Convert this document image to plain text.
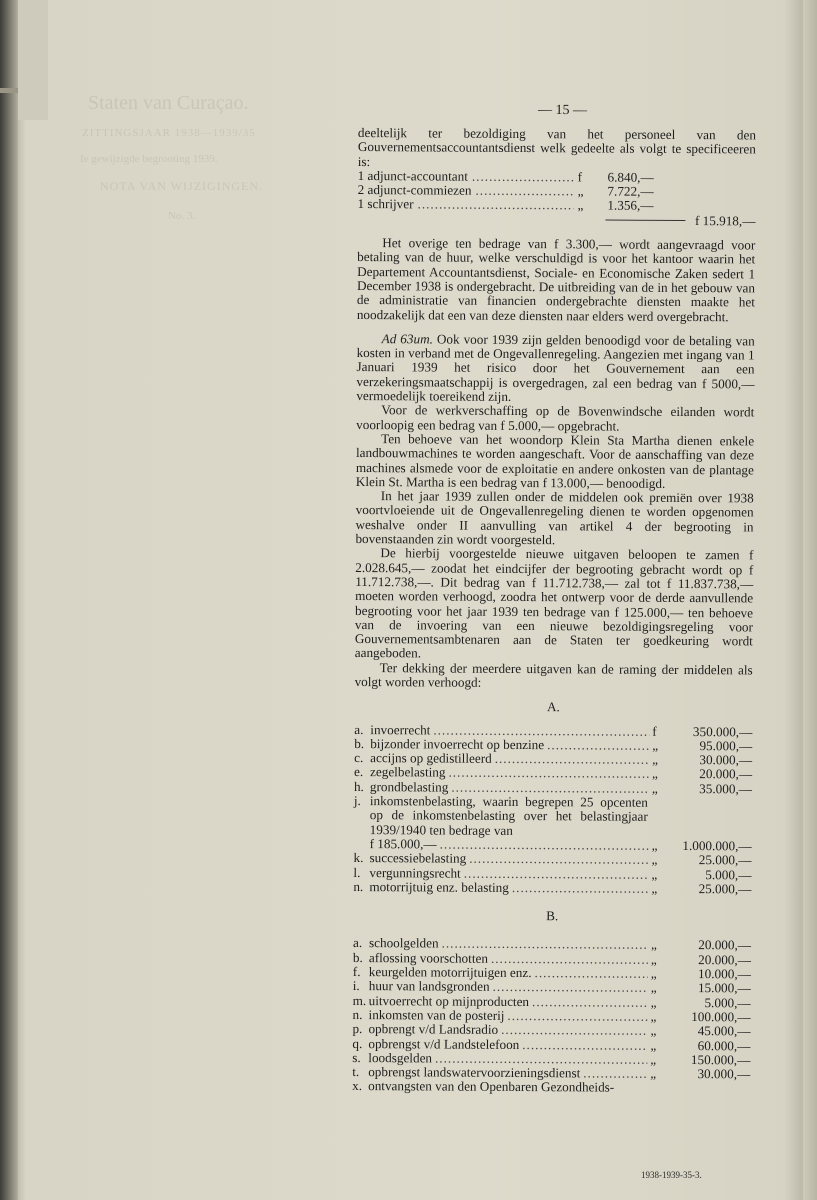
Staten van Curaçao.
ZITTINGSJAAR 1938—1939/35
Ie gewijzigde begrooting 1939.
NOTA VAN WIJZIGINGEN.
No. 3.
— 15 —

deeltelijk ter bezoldiging van het personeel van den Gouvernementsaccountantsdienst welk gedeelte als volgt te specificeeren is:

1 adjunct-accountant .....	f	6.840,—
2 adjunct-commiezen .....	„	7.722,—
1 schrijver .....	„	1.356,—
f 15.918,—

Het overige ten bedrage van f 3.300,— wordt aangevraagd voor betaling van de huur, welke verschuldigd is voor het kantoor waarin het Departement Accountantsdienst, Sociale- en Economische Zaken sedert 1 December 1938 is ondergebracht. De uitbreiding van de in het gebouw van de administratie van financien ondergebrachte diensten maakte het noodzakelijk dat een van deze diensten naar elders werd overgebracht.

Ad 63um. Ook voor 1939 zijn gelden benoodigd voor de betaling van kosten in verband met de Ongevallenregeling. Aangezien met ingang van 1 Januari 1939 het risico door het Gouvernement aan een verzekeringsmaatschappij is overgedragen, zal een bedrag van f 5000,— vermoedelijk toereikend zijn.

Voor de werkverschaffing op de Bovenwindsche eilanden wordt voorloopig een bedrag van f 5.000,— opgebracht.

Ten behoeve van het woondorp Klein Sta Martha dienen enkele landbouwmachines te worden aangeschaft. Voor de aanschaffing van deze machines alsmede voor de exploitatie en andere onkosten van de plantage Klein St. Martha is een bedrag van f 13.000,— benoodigd.

In het jaar 1939 zullen onder de middelen ook premiën over 1938 voortvloeiende uit de Ongevallenregeling dienen te worden opgenomen weshalve onder II aanvulling van artikel 4 der begrooting in bovenstaanden zin wordt voorgesteld.

De hierbij voorgestelde nieuwe uitgaven beloopen te zamen f 2.028.645,— zoodat het eindcijfer der begrooting gebracht wordt op f 11.712.738,—. Dit bedrag van f 11.712.738,— zal tot f 11.837.738,— moeten worden verhoogd, zoodra het ontwerp voor de derde aanvullende begrooting voor het jaar 1939 ten bedrage van f 125.000,— ten behoeve van de invoering van een nieuwe bezoldigingsregeling voor Gouvernementsambtenaren aan de Staten ter goedkeuring wordt aangeboden.

Ter dekking der meerdere uitgaven kan de raming der middelen als volgt worden verhoogd:

A.
a. invoerrecht .....	f	350.000,—
b. bijzonder invoerrecht op benzine .....	„	95.000,—
c. accijns op gedistilleerd .....	„	30.000,—
e. zegelbelasting .....	„	20.000,—
h. grondbelasting .....	„	35.000,—
j. inkomstenbelasting, waarin begrepen 25 opcenten op de inkomstenbelasting over het belastingjaar 1939/1940 ten bedrage van
f 185.000,— .....	„	1.000.000,—
k. successiebelasting .....	„	25.000,—
l. vergunningsrecht .....	„	5.000,—
n. motorrijtuig enz. belasting .....	„	25.000,—
B.
a. schoolgelden .....	„	20.000,—
b. aflossing voorschotten .....	„	20.000,—
f. keurgelden motorrijtuigen enz. .....	„	10.000,—
i. huur van landsgronden .....	„	15.000,—
m. uitvoerrecht op mijnproducten .....	„	5.000,—
n. inkomsten van de posterij .....	„	100.000,—
p. opbrengt v/d Landsradio .....	„	45.000,—
q. opbrengst v/d Landstelefoon .....	„	60.000,—
s. loodsgelden .....	„	150.000,—
t. opbrengst landswatervoorzieningsdienst .....	„	30.000,—
x. ontvangsten van den Openbaren Gezondheids-
1938-1939-35-3.
